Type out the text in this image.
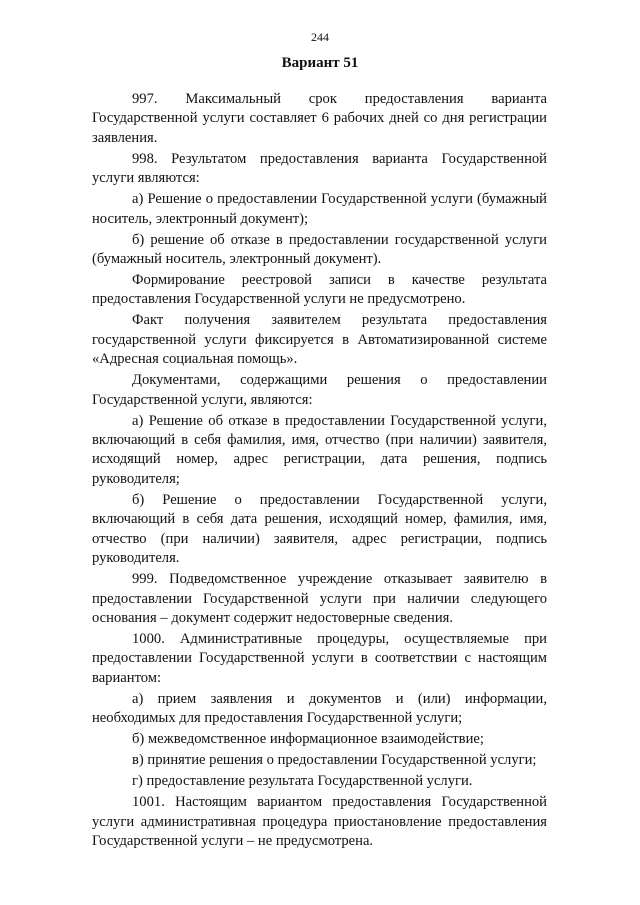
244
Вариант 51

997. Максимальный срок предоставления варианта Государственной услуги составляет 6 рабочих дней со дня регистрации заявления.

998. Результатом предоставления варианта Государственной услуги являются:

а) Решение о предоставлении Государственной услуги (бумажный носитель, электронный документ);

б) решение об отказе в предоставлении государственной услуги (бумажный носитель, электронный документ).

Формирование реестровой записи в качестве результата предоставления Государственной услуги не предусмотрено.

Факт получения заявителем результата предоставления государственной услуги фиксируется в Автоматизированной системе «Адресная социальная помощь».

Документами, содержащими решения о предоставлении Государственной услуги, являются:

а) Решение об отказе в предоставлении Государственной услуги, включающий в себя фамилия, имя, отчество (при наличии) заявителя, исходящий номер, адрес регистрации, дата решения, подпись руководителя;

б) Решение о предоставлении Государственной услуги, включающий в себя дата решения, исходящий номер, фамилия, имя, отчество (при наличии) заявителя, адрес регистрации, подпись руководителя.

999. Подведомственное учреждение отказывает заявителю в предоставлении Государственной услуги при наличии следующего основания – документ содержит недостоверные сведения.

1000. Административные процедуры, осуществляемые при предоставлении Государственной услуги в соответствии с настоящим вариантом:

а) прием заявления и документов и (или) информации, необходимых для предоставления Государственной услуги;

б) межведомственное информационное взаимодействие;

в) принятие решения о предоставлении Государственной услуги;

г) предоставление результата Государственной услуги.

1001. Настоящим вариантом предоставления Государственной услуги административная процедура приостановление предоставления Государственной услуги – не предусмотрена.
